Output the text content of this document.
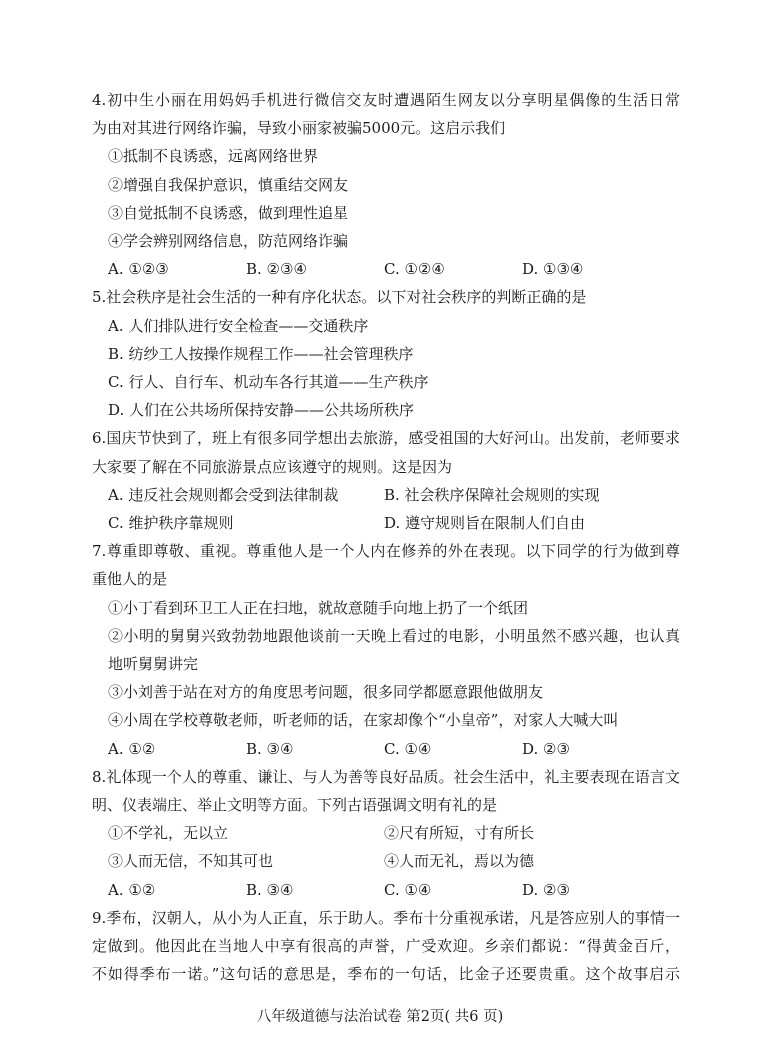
4.初中生小丽在用妈妈手机进行微信交友时遭遇陌生网友以分享明星偶像的生活日常
为由对其进行网络诈骗，导致小丽家被骗5000元。这启示我们
①抵制不良诱惑，远离网络世界
②增强自我保护意识，慎重结交网友
③自觉抵制不良诱惑，做到理性追星
④学会辨别网络信息，防范网络诈骗
A. ①②③	B. ②③④	C. ①②④	D. ①③④
5.社会秩序是社会生活的一种有序化状态。以下对社会秩序的判断正确的是
A. 人们排队进行安全检查——交通秩序
B. 纺纱工人按操作规程工作——社会管理秩序
C. 行人、自行车、机动车各行其道——生产秩序
D. 人们在公共场所保持安静——公共场所秩序
6.国庆节快到了，班上有很多同学想出去旅游，感受祖国的大好河山。出发前，老师要求
大家要了解在不同旅游景点应该遵守的规则。这是因为
A. 违反社会规则都会受到法律制裁	B. 社会秩序保障社会规则的实现
C. 维护秩序靠规则	D. 遵守规则旨在限制人们自由
7.尊重即尊敬、重视。尊重他人是一个人内在修养的外在表现。以下同学的行为做到尊
重他人的是
①小丁看到环卫工人正在扫地，就故意随手向地上扔了一个纸团
②小明的舅舅兴致勃勃地跟他谈前一天晚上看过的电影，小明虽然不感兴趣，也认真
地听舅舅讲完
③小刘善于站在对方的角度思考问题，很多同学都愿意跟他做朋友
④小周在学校尊敬老师，听老师的话，在家却像个“小皇帝”，对家人大喊大叫
A. ①②	B. ③④	C. ①④	D. ②③
8.礼体现一个人的尊重、谦让、与人为善等良好品质。社会生活中，礼主要表现在语言文
明、仪表端庄、举止文明等方面。下列古语强调文明有礼的是
①不学礼，无以立	②尺有所短，寸有所长
③人而无信，不知其可也	④人而无礼，焉以为德
A. ①②	B. ③④	C. ①④	D. ②③
9.季布，汉朝人，从小为人正直，乐于助人。季布十分重视承诺，凡是答应别人的事情一
定做到。他因此在当地人中享有很高的声誉，广受欢迎。乡亲们都说：“得黄金百斤，
不如得季布一诺。”这句话的意思是，季布的一句话，比金子还要贵重。这个故事启示
八年级道德与法治试卷 第2页( 共6 页)
